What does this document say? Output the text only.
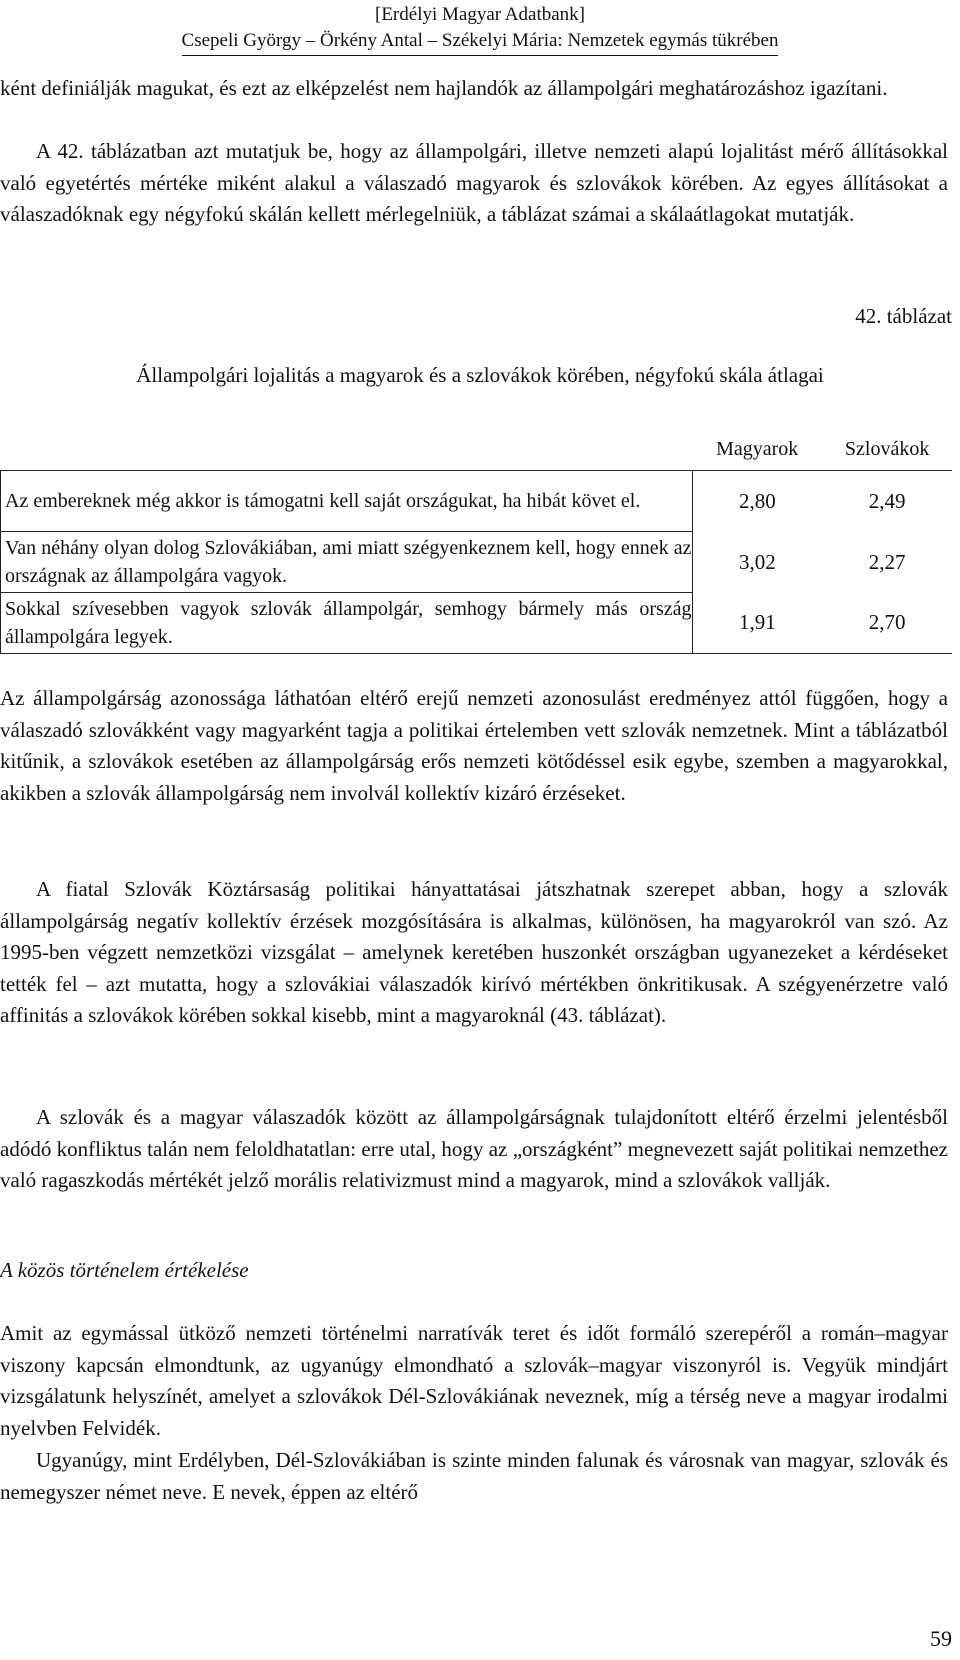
[Erdélyi Magyar Adatbank]
Csepeli György – Örkény Antal – Székelyi Mária: Nemzetek egymás tükrében
ként definiálják magukat, és ezt az elképzelést nem hajlandók az állampolgári meghatározáshoz igazítani.
A 42. táblázatban azt mutatjuk be, hogy az állampolgári, illetve nemzeti alapú lojalitást mérő állításokkal való egyetértés mértéke miként alakul a válaszadó magyarok és szlovákok körében. Az egyes állításokat a válaszadóknak egy négyfokú skálán kellett mérlegelniük, a táblázat számai a skálaátlagokat mutatják.
42. táblázat
Állampolgári lojalitás a magyarok és a szlovákok körében, négyfokú skála átlagai
	Magyarok	Szlovákok
Az embereknek még akkor is támogatni kell saját országukat, ha hibát követ el.	2,80	2,49
Van néhány olyan dolog Szlovákiában, ami miatt szégyenkeznem kell, hogy ennek az országnak az állampolgára vagyok.	3,02	2,27
Sokkal szívesebben vagyok szlovák állampolgár, semhogy bármely más ország állampolgára legyek.	1,91	2,70
Az állampolgárság azonossága láthatóan eltérő erejű nemzeti azonosulást eredményez attól függően, hogy a válaszadó szlovákként vagy magyarként tagja a politikai értelemben vett szlovák nemzetnek. Mint a táblázatból kitűnik, a szlovákok esetében az állampolgárság erős nemzeti kötődéssel esik egybe, szemben a magyarokkal, akikben a szlovák állampolgárság nem involvál kollektív kizáró érzéseket.
A fiatal Szlovák Köztársaság politikai hányattatásai játszhatnak szerepet abban, hogy a szlovák állampolgárság negatív kollektív érzések mozgósítására is alkalmas, különösen, ha magyarokról van szó. Az 1995-ben végzett nemzetközi vizsgálat – amelynek keretében huszonkét országban ugyanezeket a kérdéseket tették fel – azt mutatta, hogy a szlovákiai válaszadók kirívó mértékben önkritikusak. A szégyenérzetre való affinitás a szlovákok körében sokkal kisebb, mint a magyaroknál (43. táblázat).
A szlovák és a magyar válaszadók között az állampolgárságnak tulajdonított eltérő érzelmi jelentésből adódó konfliktus talán nem feloldhatatlan: erre utal, hogy az „országként” megnevezett saját politikai nemzethez való ragaszkodás mértékét jelző morális relativizmust mind a magyarok, mind a szlovákok vallják.
A közös történelem értékelése
Amit az egymással ütköző nemzeti történelmi narratívák teret és időt formáló szerepéről a román–magyar viszony kapcsán elmondtunk, az ugyanúgy elmondható a szlovák–magyar viszonyról is. Vegyük mindjárt vizsgálatunk helyszínét, amelyet a szlovákok Dél-Szlovákiának neveznek, míg a térség neve a magyar irodalmi nyelvben Felvidék.
Ugyanúgy, mint Erdélyben, Dél-Szlovákiában is szinte minden falunak és városnak van magyar, szlovák és nemegyszer német neve. E nevek, éppen az eltérő
59
